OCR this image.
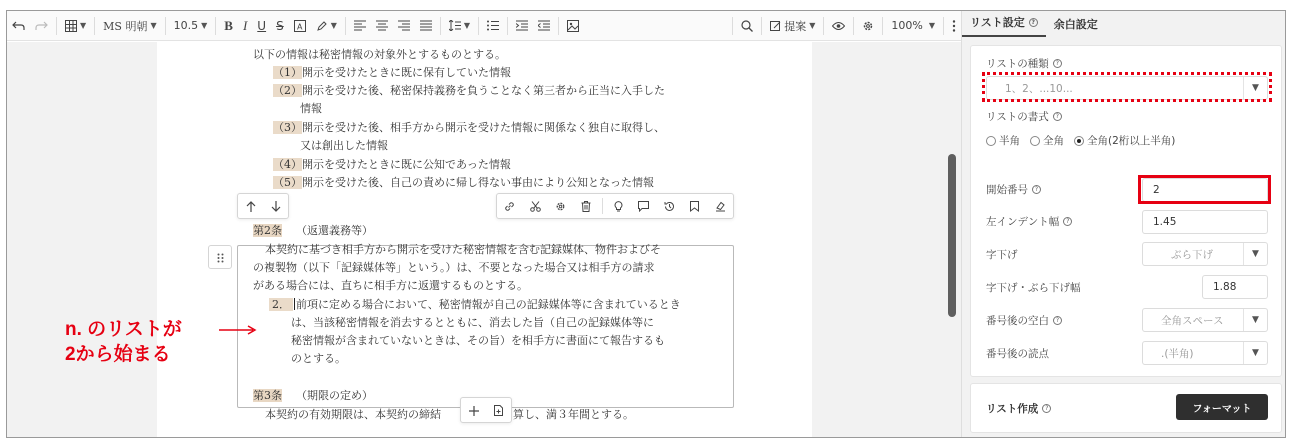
▼ MS 明朝 ▼ 10.5 ▼ B I U S A	▼	▼	提案 ▼	100% ▼
以下の情報は秘密情報の対象外とするものとする。
（1）開示を受けたときに既に保有していた情報
（2）開示を受けた後、秘密保持義務を負うことなく第三者から正当に入手した
情報
（3）開示を受けた後、相手方から開示を受けた情報に関係なく独自に取得し、
又は創出した情報
（4）開示を受けたときに既に公知であった情報
（5）開示を受けた後、自己の責めに帰し得ない事由により公知となった情報
第2条 （返還義務等）
本契約に基づき相手方から開示を受けた秘密情報を含む記録媒体、物件およびそ
の複製物（以下「記録媒体等」という。）は、不要となった場合又は相手方の請求
がある場合には、直ちに相手方に返還するものとする。
2． 前項に定める場合において、秘密情報が自己の記録媒体等に含まれているとき
は、当該秘密情報を消去するとともに、消去した旨（自己の記録媒体等に
秘密情報が含まれていないときは、その旨）を相手方に書面にて報告するも
のとする。
第3条 （期限の定め）
本契約の有効期限は、本契約の締結	算し、満３年間とする。
n. のリストが
2から始まる
リスト設定	? 余白設定
リストの種類	?
1、2、...10...	▼
リストの書式	?
半角 全角 全角(2桁以上半角)
開始番号	?	2
左インデント幅	?	1.45
字下げ	ぶら下げ	▼
字下げ・ぶら下げ幅	1.88
番号後の空白	?	全角スペース	▼
番号後の読点	.(半角)	▼
リスト作成	?	フォーマット
